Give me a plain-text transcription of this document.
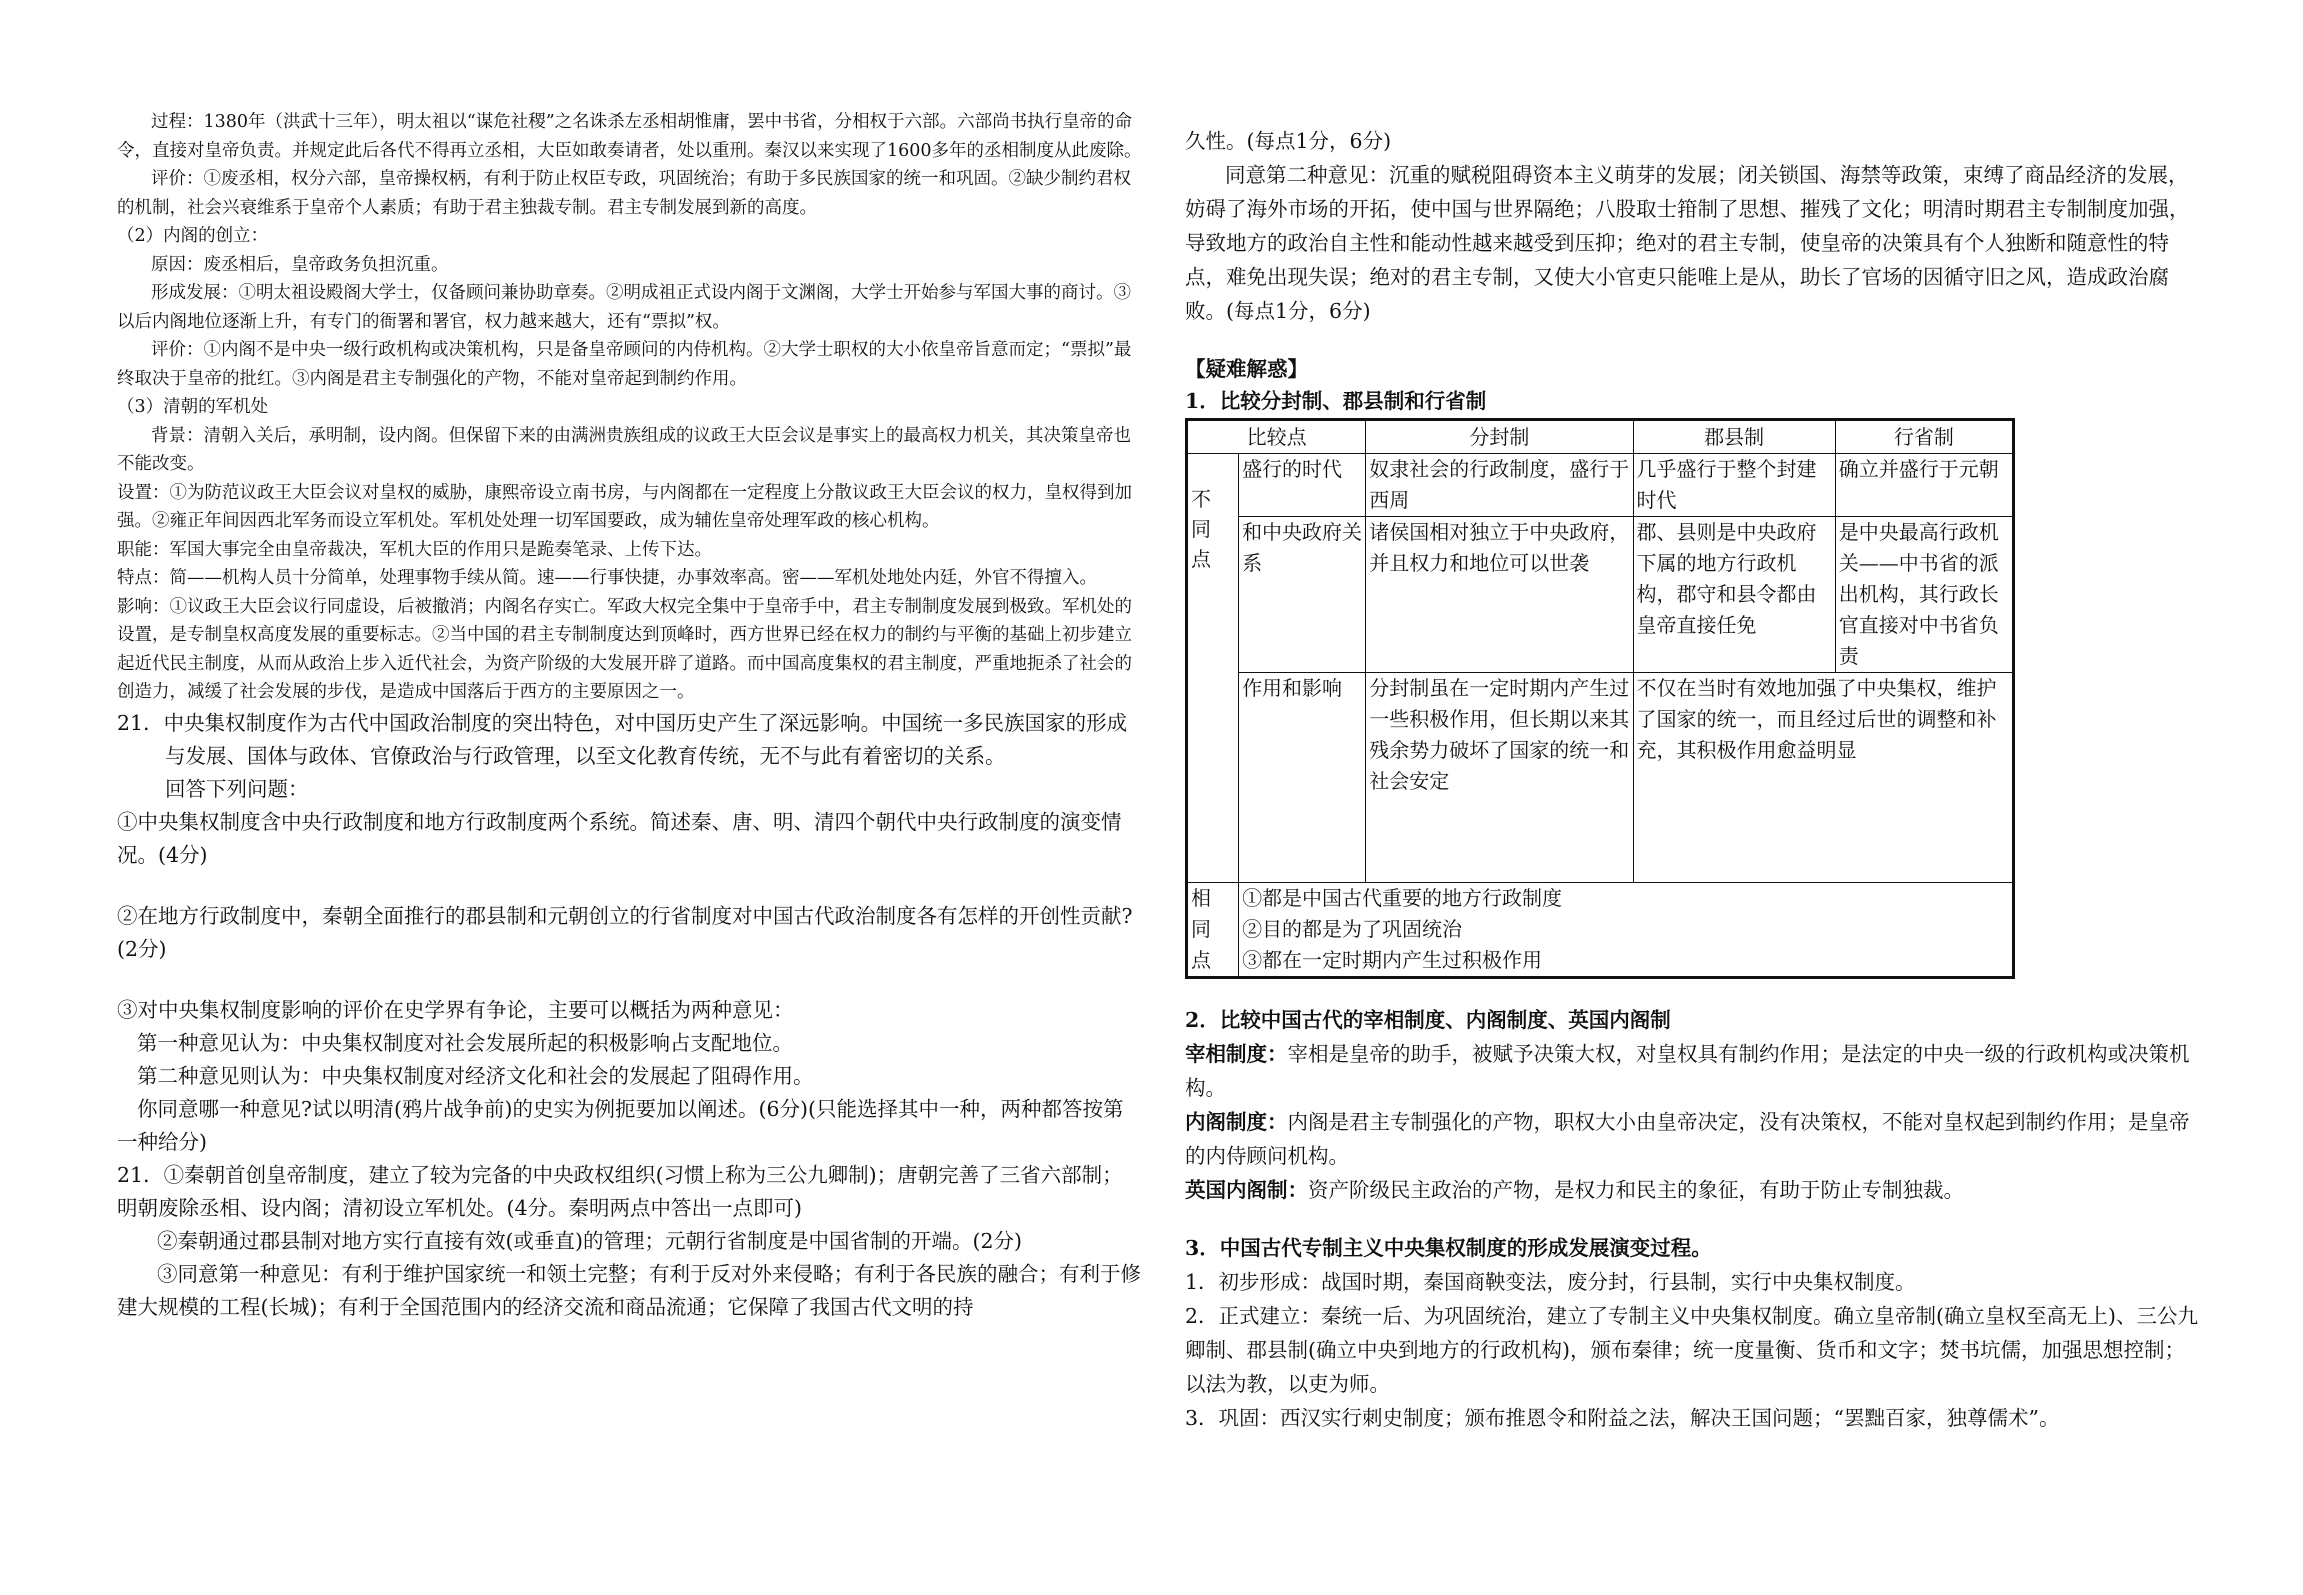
过程：1380年（洪武十三年），明太祖以“谋危社稷”之名诛杀左丞相胡惟庸，罢中书省，分相权于六部。六部尚书执行皇帝的命令，直接对皇帝负责。并规定此后各代不得再立丞相，大臣如敢奏请者，处以重刑。秦汉以来实现了1600多年的丞相制度从此废除。

评价：①废丞相，权分六部，皇帝操权柄，有利于防止权臣专政，巩固统治；有助于多民族国家的统一和巩固。②缺少制约君权的机制，社会兴衰维系于皇帝个人素质；有助于君主独裁专制。君主专制发展到新的高度。

（2）内阁的创立：

原因：废丞相后，皇帝政务负担沉重。

形成发展：①明太祖设殿阁大学士，仅备顾问兼协助章奏。②明成祖正式设内阁于文渊阁，大学士开始参与军国大事的商讨。③以后内阁地位逐渐上升，有专门的衙署和署官，权力越来越大，还有“票拟”权。

评价：①内阁不是中央一级行政机构或决策机构，只是备皇帝顾问的内侍机构。②大学士职权的大小依皇帝旨意而定；“票拟”最终取决于皇帝的批红。③内阁是君主专制强化的产物，不能对皇帝起到制约作用。

（3）清朝的军机处

背景：清朝入关后，承明制，设内阁。但保留下来的由满洲贵族组成的议政王大臣会议是事实上的最高权力机关，其决策皇帝也不能改变。

设置：①为防范议政王大臣会议对皇权的威胁，康熙帝设立南书房，与内阁都在一定程度上分散议政王大臣会议的权力，皇权得到加强。②雍正年间因西北军务而设立军机处。军机处处理一切军国要政，成为辅佐皇帝处理军政的核心机构。

职能：军国大事完全由皇帝裁决，军机大臣的作用只是跪奏笔录、上传下达。

特点：简——机构人员十分简单，处理事物手续从简。速——行事快捷，办事效率高。密——军机处地处内廷，外官不得擅入。

影响：①议政王大臣会议行同虚设，后被撤消；内阁名存实亡。军政大权完全集中于皇帝手中，君主专制制度发展到极致。军机处的设置，是专制皇权高度发展的重要标志。②当中国的君主专制制度达到顶峰时，西方世界已经在权力的制约与平衡的基础上初步建立起近代民主制度，从而从政治上步入近代社会，为资产阶级的大发展开辟了道路。而中国高度集权的君主制度，严重地扼杀了社会的创造力，减缓了社会发展的步伐，是造成中国落后于西方的主要原因之一。

21．中央集权制度作为古代中国政治制度的突出特色，对中国历史产生了深远影响。中国统一多民族国家的形成与发展、国体与政体、官僚政治与行政管理，以至文化教育传统，无不与此有着密切的关系。

回答下列问题：

①中央集权制度含中央行政制度和地方行政制度两个系统。简述秦、唐、明、清四个朝代中央行政制度的演变情况。(4分)

②在地方行政制度中，秦朝全面推行的郡县制和元朝创立的行省制度对中国古代政治制度各有怎样的开创性贡献?(2分)

③对中央集权制度影响的评价在史学界有争论，主要可以概括为两种意见：

第一种意见认为：中央集权制度对社会发展所起的积极影响占支配地位。

第二种意见则认为：中央集权制度对经济文化和社会的发展起了阻碍作用。

你同意哪一种意见?试以明清(鸦片战争前)的史实为例扼要加以阐述。(6分)(只能选择其中一种，两种都答按第一种给分)

21．①秦朝首创皇帝制度，建立了较为完备的中央政权组织(习惯上称为三公九卿制)；唐朝完善了三省六部制；明朝废除丞相、设内阁；清初设立军机处。(4分。秦明两点中答出一点即可)

②秦朝通过郡县制对地方实行直接有效(或垂直)的管理；元朝行省制度是中国省制的开端。(2分)

③同意第一种意见：有利于维护国家统一和领土完整；有利于反对外来侵略；有利于各民族的融合；有利于修建大规模的工程(长城)；有利于全国范围内的经济交流和商品流通；它保障了我国古代文明的持

久性。(每点1分，6分)

同意第二种意见：沉重的赋税阻碍资本主义萌芽的发展；闭关锁国、海禁等政策，束缚了商品经济的发展，妨碍了海外市场的开拓，使中国与世界隔绝；八股取士箝制了思想、摧残了文化；明清时期君主专制制度加强，导致地方的政治自主性和能动性越来越受到压抑；绝对的君主专制，使皇帝的决策具有个人独断和随意性的特点，难免出现失误；绝对的君主专制，又使大小官吏只能唯上是从，助长了官场的因循守旧之风，造成政治腐败。(每点1分，6分)

【疑难解惑】

1．比较分封制、郡县制和行省制

比较点		分封制	郡县制	行省制

不同点	盛行的时代	奴隶社会的行政制度，盛行于西周	几乎盛行于整个封建时代	确立并盛行于元朝
	和中央政府关系	诸侯国相对独立于中央政府，并且权力和地位可以世袭	郡、县则是中央政府下属的地方行政机构，郡守和县令都由皇帝直接任免	是中央最高行政机关——中书省的派出机构，其行政长官直接对中书省负责
	作用和影响	分封制虽在一定时期内产生过一些积极作用，但长期以来其残余势力破坏了国家的统一和社会安定	不仅在当时有效地加强了中央集权，维护了国家的统一，而且经过后世的调整和补充，其积极作用愈益明显	

相同点	①都是中国古代重要的地方行政制度
②目的都是为了巩固统治
③都在一定时期内产生过积极作用			

2．比较中国古代的宰相制度、内阁制度、英国内阁制

宰相制度：宰相是皇帝的助手，被赋予决策大权，对皇权具有制约作用；是法定的中央一级的行政机构或决策机构。

内阁制度：内阁是君主专制强化的产物，职权大小由皇帝决定，没有决策权，不能对皇权起到制约作用；是皇帝的内侍顾问机构。

英国内阁制：资产阶级民主政治的产物，是权力和民主的象征，有助于防止专制独裁。

3．中国古代专制主义中央集权制度的形成发展演变过程。

1．初步形成：战国时期，秦国商鞅变法，废分封，行县制，实行中央集权制度。

2．正式建立：秦统一后、为巩固统治，建立了专制主义中央集权制度。确立皇帝制(确立皇权至高无上)、三公九卿制、郡县制(确立中央到地方的行政机构)，颁布秦律；统一度量衡、货币和文字；焚书坑儒，加强思想控制；以法为教，以吏为师。

3．巩固：西汉实行刺史制度；颁布推恩令和附益之法，解决王国问题；“罢黜百家，独尊儒术”。
